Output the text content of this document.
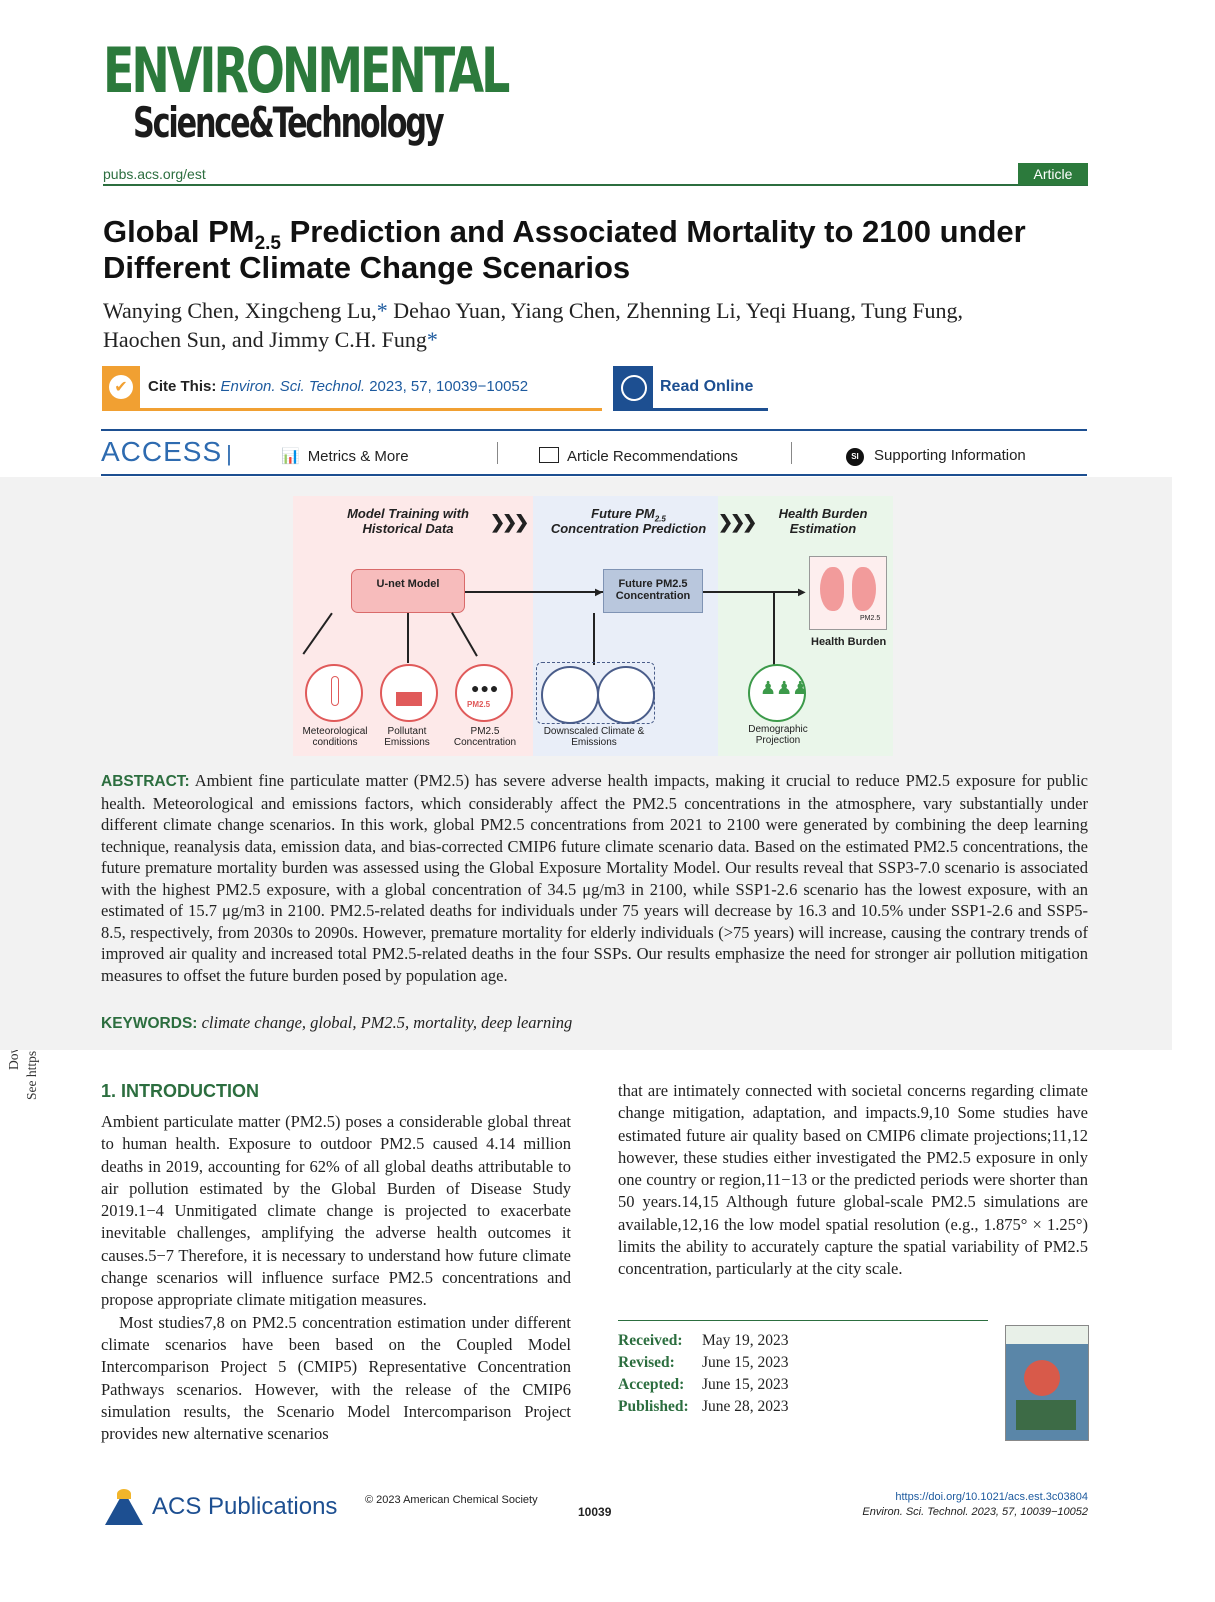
ENVIRONMENTAL
Science&Technology
pubs.acs.org/est	Article
Global $PM_{2.5}$ Prediction and Associated Mortality to 2100 under Different Climate Change Scenarios
Wanying Chen, Xingcheng Lu,* Dehao Yuan, Yiang Chen, Zhenning Li, Yeqi Huang, Tung Fung,
Haochen Sun, and Jimmy C.H. Fung*
✔	Cite This: Environ. Sci. Technol. 2023, 57, 10039−10052	Read Online
ACCESS |	📊 Metrics & More	Article Recommendations	SI Supporting Information
Model Training with Historical Data	❯❯❯	Future $PM_{2.5}$
Concentration Prediction ❯❯❯	Health Burden Estimation
U-net Model	Future PM2.5 Concentration
▶	▶
PM2.5
Health Burden
●●●
PM2.5
♟♟♟
Meteorological conditions
Pollutant Emissions
PM2.5 Concentration
Downscaled Climate & Emissions
Demographic Projection
ABSTRACT: Ambient fine particulate matter (PM2.5) has severe adverse health impacts, making it crucial to reduce PM2.5 exposure for public health. Meteorological and emissions factors, which considerably affect the PM2.5 concentrations in the atmosphere, vary substantially under different climate change scenarios. In this work, global PM2.5 concentrations from 2021 to 2100 were generated by combining the deep learning technique, reanalysis data, emission data, and bias-corrected CMIP6 future climate scenario data. Based on the estimated PM2.5 concentrations, the future premature mortality burden was assessed using the Global Exposure Mortality Model. Our results reveal that SSP3-7.0 scenario is associated with the highest PM2.5 exposure, with a global concentration of 34.5 μg/m3 in 2100, while SSP1-2.6 scenario has the lowest exposure, with an estimated of 15.7 μg/m3 in 2100. PM2.5-related deaths for individuals under 75 years will decrease by 16.3 and 10.5% under SSP1-2.6 and SSP5-8.5, respectively, from 2030s to 2090s. However, premature mortality for elderly individuals (>75 years) will increase, causing the contrary trends of improved air quality and increased total PM2.5-related deaths in the four SSPs. Our results emphasize the need for stronger air pollution mitigation measures to offset the future burden posed by population age.
KEYWORDS: climate change, global, PM2.5, mortality, deep learning
1. INTRODUCTION
Ambient particulate matter (PM2.5) poses a considerable global threat to human health. Exposure to outdoor PM2.5 caused 4.14 million deaths in 2019, accounting for 62% of all global deaths attributable to air pollution estimated by the Global Burden of Disease Study 2019.1−4 Unmitigated climate change is projected to exacerbate inevitable challenges, amplifying the adverse health outcomes it causes.5−7 Therefore, it is necessary to understand how future climate change scenarios will influence surface PM2.5 concentrations and propose appropriate climate mitigation measures.
Most studies7,8 on PM2.5 concentration estimation under different climate scenarios have been based on the Coupled Model Intercomparison Project 5 (CMIP5) Representative Concentration Pathways scenarios. However, with the release of the CMIP6 simulation results, the Scenario Model Intercomparison Project provides new alternative scenarios
that are intimately connected with societal concerns regarding climate change mitigation, adaptation, and impacts.9,10 Some studies have estimated future air quality based on CMIP6 climate projections;11,12 however, these studies either investigated the PM2.5 exposure in only one country or region,11−13 or the predicted periods were shorter than 50 years.14,15 Although future global-scale PM2.5 simulations are available,12,16 the low model spatial resolution (e.g., 1.875° × 1.25°) limits the ability to accurately capture the spatial variability of PM2.5 concentration, particularly at the city scale.
Received: May 19, 2023
Revised: June 15, 2023
Accepted: June 15, 2023
Published: June 28, 2023
ACS Publications	© 2023 American Chemical Society
10039
https://doi.org/10.1021/acs.est.3c03804
Environ. Sci. Technol. 2023, 57, 10039−10052
